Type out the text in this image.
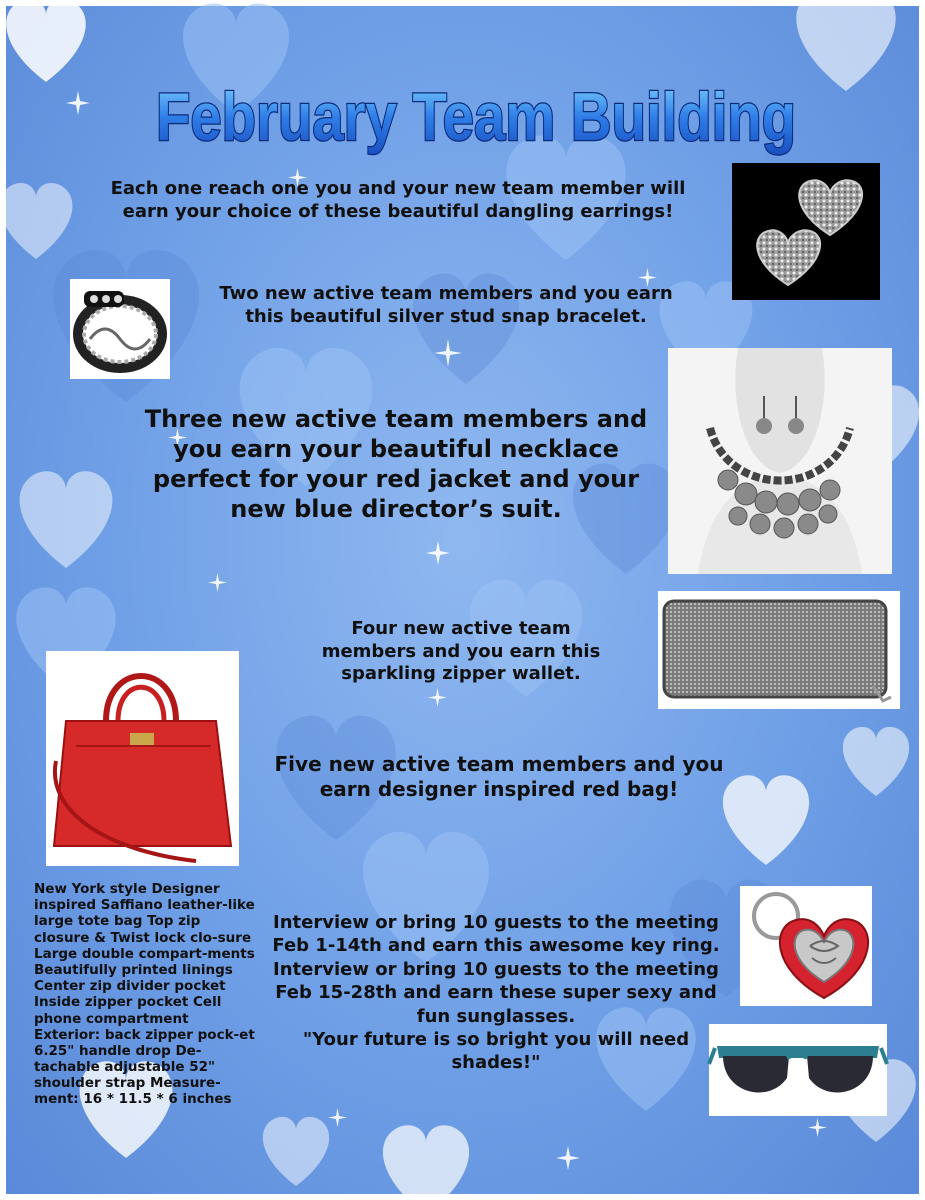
February Team Building

Each one reach one you and your new team member will
earn your choice of these beautiful dangling earrings!

Two new active team members and you earn
this beautiful silver stud snap bracelet.

Three new active team members and
you earn your beautiful necklace
perfect for your red jacket and your
new blue director’s suit.

Four new active team
members and you earn this
sparkling zipper wallet.

Five new active team members and you
earn designer inspired red bag!

New York style Designer inspired Saffiano leather-like large tote bag Top zip closure & Twist lock clo-sure Large double compart-ments Beautifully printed linings Center zip divider pocket Inside zipper pocket Cell phone compartment Exterior: back zipper pock-et 6.25" handle drop De-tachable adjustable 52" shoulder strap Measure-ment: 16 * 11.5 * 6 inches

Interview or bring 10 guests to the meeting
Feb 1-14th and earn this awesome key ring.
Interview or bring 10 guests to the meeting
Feb 15-28th and earn these super sexy and
fun sunglasses.
"Your future is so bright you will need
shades!"
